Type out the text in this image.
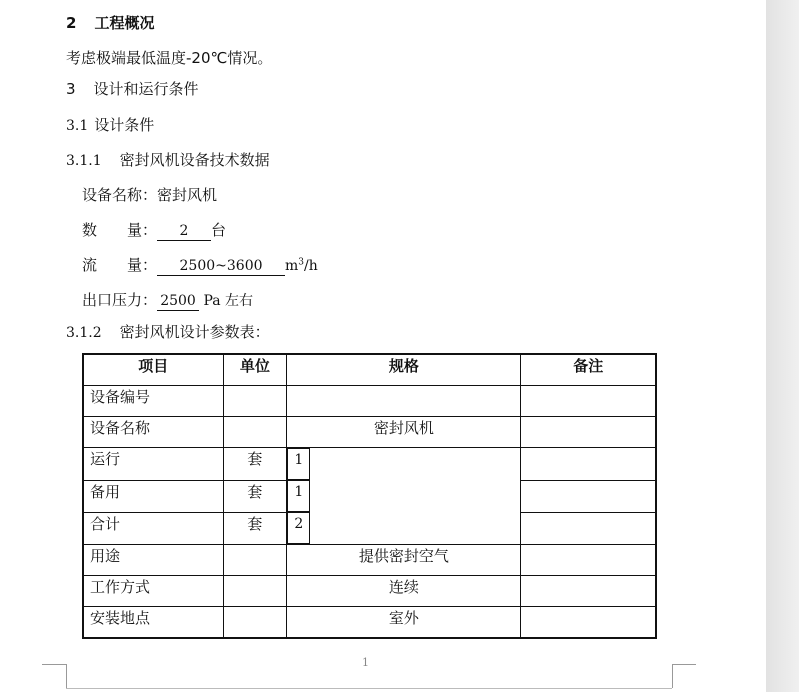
2 工程概况
考虑极端最低温度-20℃情况。
3 设计和运行条件
3.1 设计条件
3.1.1 密封风机设备技术数据
设备名称：密封风机
数　　量： 2 台
流　　量： 2500~3600 $m^3/h$
出口压力： 2500 Pa 左右
3.1.2 密封风机设计参数表：
项目	单位	规格	备注
设备编号			
设备名称		密封风机	
运行	套	1
备用	套	1
合计	套	2
用途		提供密封空气	
工作方式		连续	
安装地点		室外	
1
